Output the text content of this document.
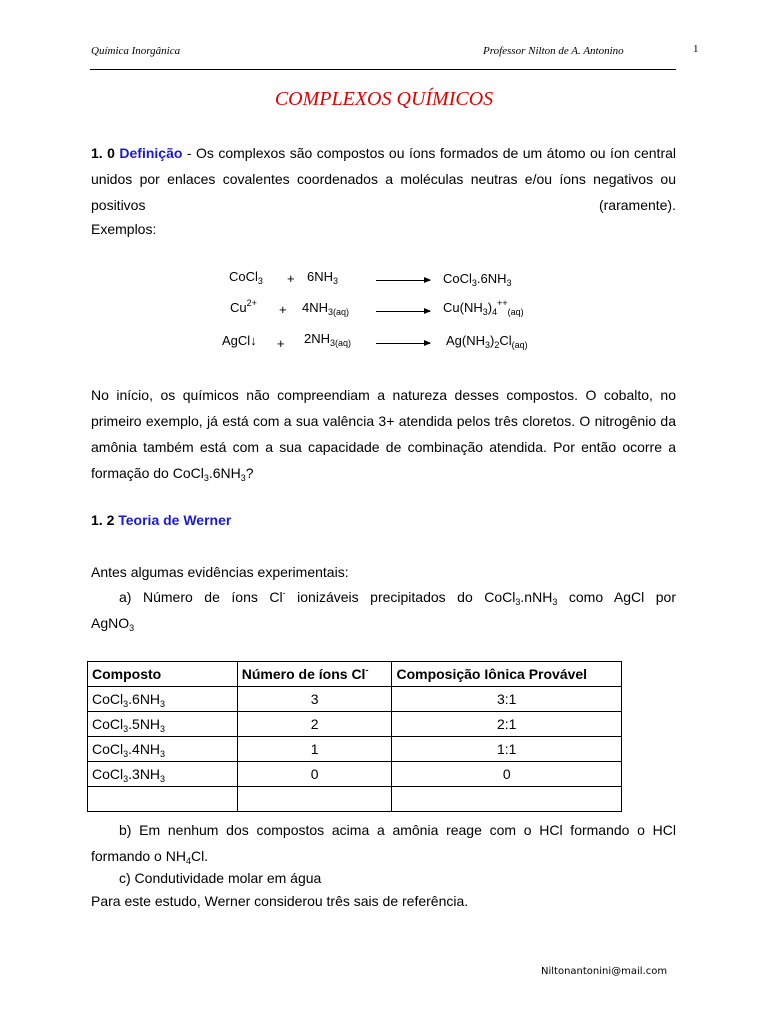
Química Inorgânica	Professor Nilton de A. Antonino	1
COMPLEXOS QUÍMICOS
1. 0 Definição - Os complexos são compostos ou íons formados de um átomo ou íon central unidos por enlaces covalentes coordenados a moléculas neutras e/ou íons negativos ou positivos (raramente).
Exemplos:
CoCl$_3$ + $6NH_3$	$CoCl_3.6NH_3$
$Cu^{2+} + 4NH_{3(aq)}$	$Cu(NH_3)_4^{++}_{(aq)}$
AgCl↓ + $2NH_{3(aq)}$	$Ag(NH_3)_2Cl_{(aq)}$
No início, os químicos não compreendiam a natureza desses compostos. O cobalto, no primeiro exemplo, já está com a sua valência 3+ atendida pelos três cloretos. O nitrogênio da amônia também está com a sua capacidade de combinação atendida. Por então ocorre a formação do $CoCl_3.6NH_3$?
1. 2 Teoria de Werner
Antes algumas evidências experimentais:
a) Número de íons Cl- ionizáveis precipitados do CoCl$_3$.nNH$_3$ como AgCl por
AgNO$_3$
Composto	Número de íons Cl-	Composição Iônica Provável
$CoCl_3.6NH_3$	3	3:1
$CoCl_3.5NH_3$	2	2:1
$CoCl_3.4NH_3$	1	1:1
$CoCl_3.3NH_3$	0	0

b) Em nenhum dos compostos acima a amônia reage com o HCl formando o HCl
formando o $NH_4Cl$.
c) Condutividade molar em água
Para este estudo, Werner considerou três sais de referência.
Niltonantonini@mail.com
